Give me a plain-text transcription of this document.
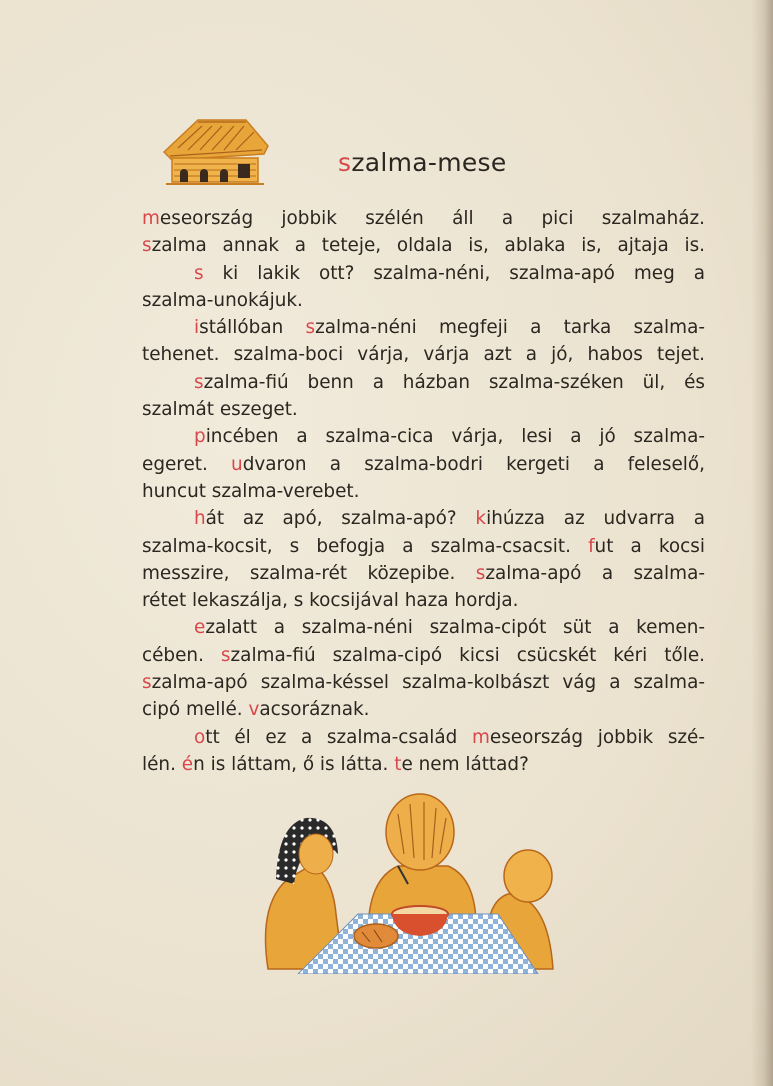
szalma-mese
meseország jobbik szélén áll a pici szalmaház.
szalma annak a teteje, oldala is, ablaka is, ajtaja is.
s ki lakik ott? szalma-néni, szalma-apó meg a
szalma-unokájuk.
istállóban szalma-néni megfeji a tarka szalma-
tehenet. szalma-boci várja, várja azt a jó, habos tejet.
szalma-fiú benn a házban szalma-széken ül, és
szalmát eszeget.
pincében a szalma-cica várja, lesi a jó szalma-
egeret. udvaron a szalma-bodri kergeti a feleselő,
huncut szalma-verebet.
hát az apó, szalma-apó? kihúzza az udvarra a
szalma-kocsit, s befogja a szalma-csacsit. fut a kocsi
messzire, szalma-rét közepibe. szalma-apó a szalma-
rétet lekaszálja, s kocsijával haza hordja.
ezalatt a szalma-néni szalma-cipót süt a kemen-
cében. szalma-fiú szalma-cipó kicsi csücskét kéri tőle.
szalma-apó szalma-késsel szalma-kolbászt vág a szalma-
cipó mellé. vacsoráznak.
ott él ez a szalma-család meseország jobbik szé-
lén. én is láttam, ő is látta. te nem láttad?
